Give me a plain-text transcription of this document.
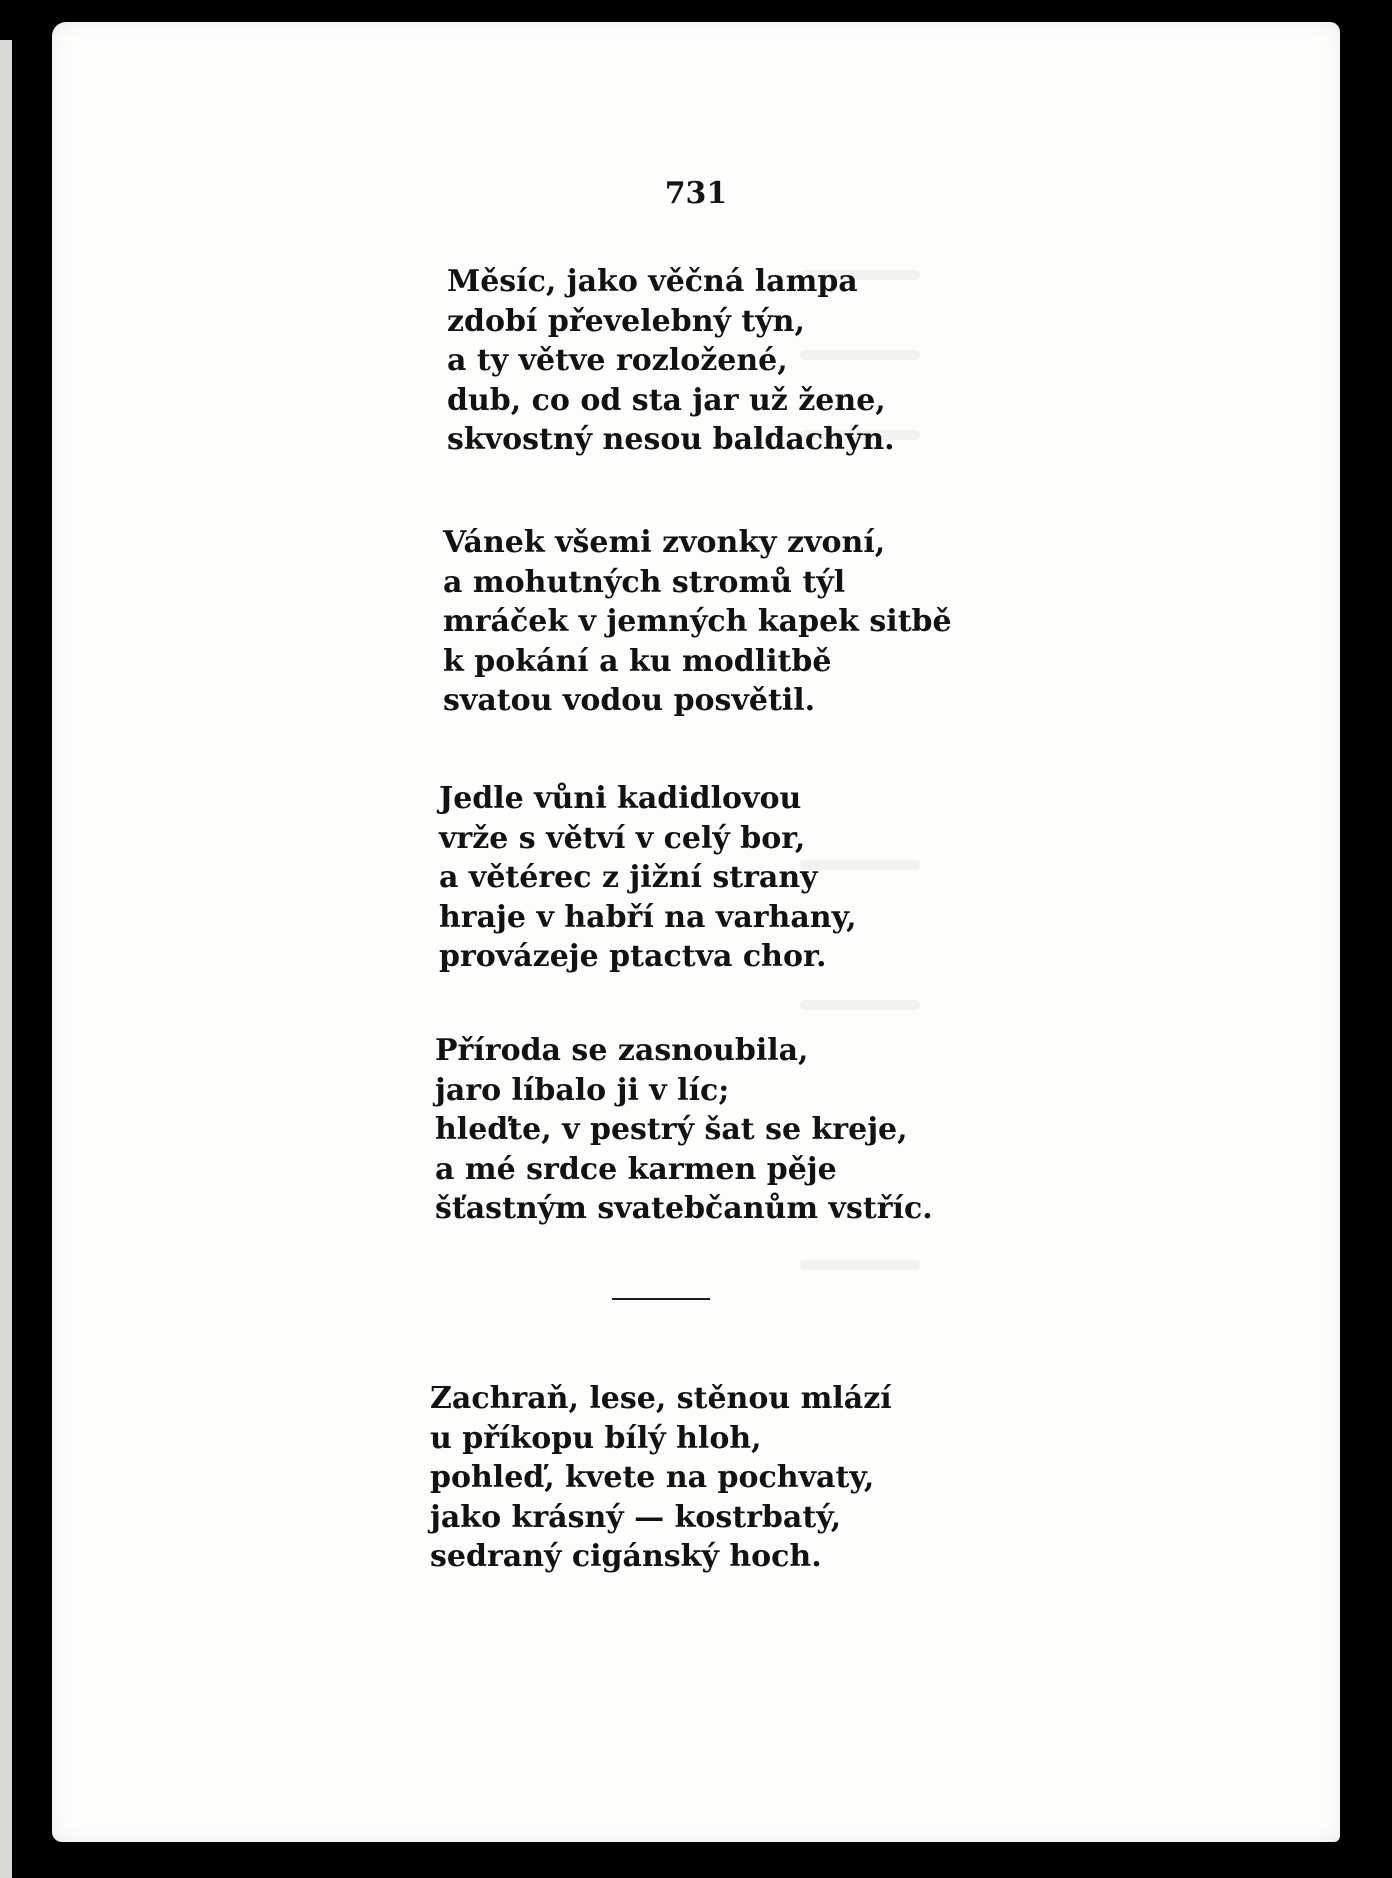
731
Měsíc, jako věčná lampa
zdobí převelebný týn,
a ty větve rozložené,
dub, co od sta jar už žene,
skvostný nesou baldachýn.
Vánek všemi zvonky zvoní,
a mohutných stromů týl
mráček v jemných kapek sitbě
k pokání a ku modlitbě
svatou vodou posvětil.
Jedle vůni kadidlovou
vrže s větví v celý bor,
a větérec z jižní strany
hraje v habří na varhany,
provázeje ptactva chor.
Příroda se zasnoubila,
jaro líbalo ji v líc;
hleďte, v pestrý šat se kreje,
a mé srdce karmen pěje
šťastným svatebčanům vstříc.
Zachraň, lese, stěnou mlází
u příkopu bílý hloh,
pohleď, kvete na pochvaty,
jako krásný — kostrbatý,
sedraný cigánský hoch.
